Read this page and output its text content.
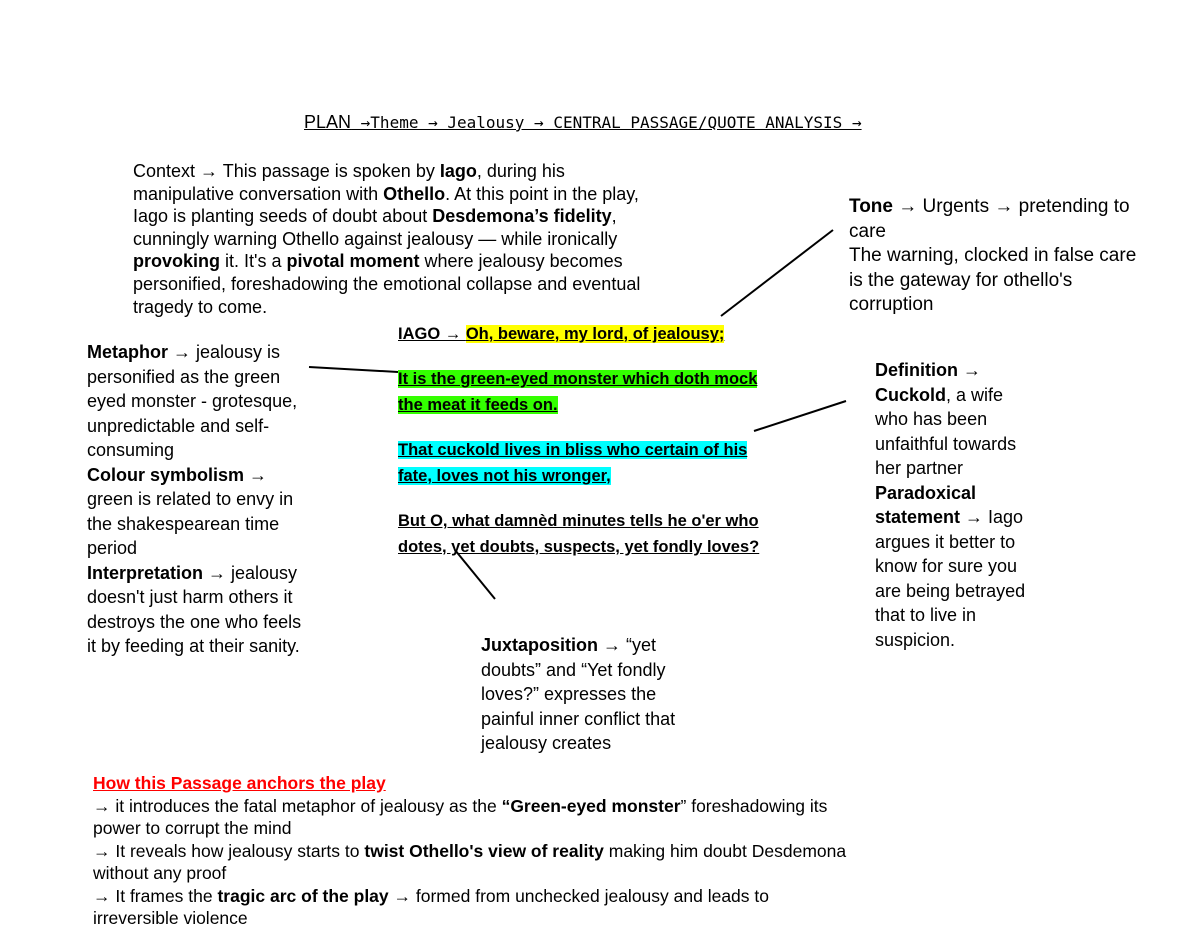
PLAN →Theme → Jealousy → CENTRAL PASSAGE/QUOTE ANALYSIS →
Context → This passage is spoken by Iago, during his manipulative conversation with Othello. At this point in the play, Iago is planting seeds of doubt about Desdemona’s fidelity, cunningly warning Othello against jealousy — while ironically provoking it. It's a pivotal moment where jealousy becomes personified, foreshadowing the emotional collapse and eventual tragedy to come.
Tone → Urgents → pretending to care
The warning, clocked in false care is the gateway for othello's corruption
IAGO → Oh, beware, my lord, of jealousy;
It is the green-eyed monster which doth mock the meat it feeds on.
That cuckold lives in bliss who certain of his fate, loves not his wronger,
But O, what damnèd minutes tells he o'er who dotes, yet doubts, suspects, yet fondly loves?
Metaphor → jealousy is personified as the green eyed monster - grotesque, unpredictable and self-consuming
Colour symbolism → green is related to envy in the shakespearean time period
Interpretation → jealousy doesn't just harm others it destroys the one who feels it by feeding at their sanity.
Definition →
Cuckold, a wife who has been unfaithful towards her partner
Paradoxical statement → Iago argues it better to know for sure you are being betrayed that to live in suspicion.
Juxtaposition → “yet doubts” and “Yet fondly loves?” expresses the painful inner conflict that jealousy creates
How this Passage anchors the play
→ it introduces the fatal metaphor of jealousy as the “Green-eyed monster” foreshadowing its power to corrupt the mind
→ It reveals how jealousy starts to twist Othello's view of reality making him doubt Desdemona without any proof
→ It frames the tragic arc of the play → formed from unchecked jealousy and leads to irreversible violence
